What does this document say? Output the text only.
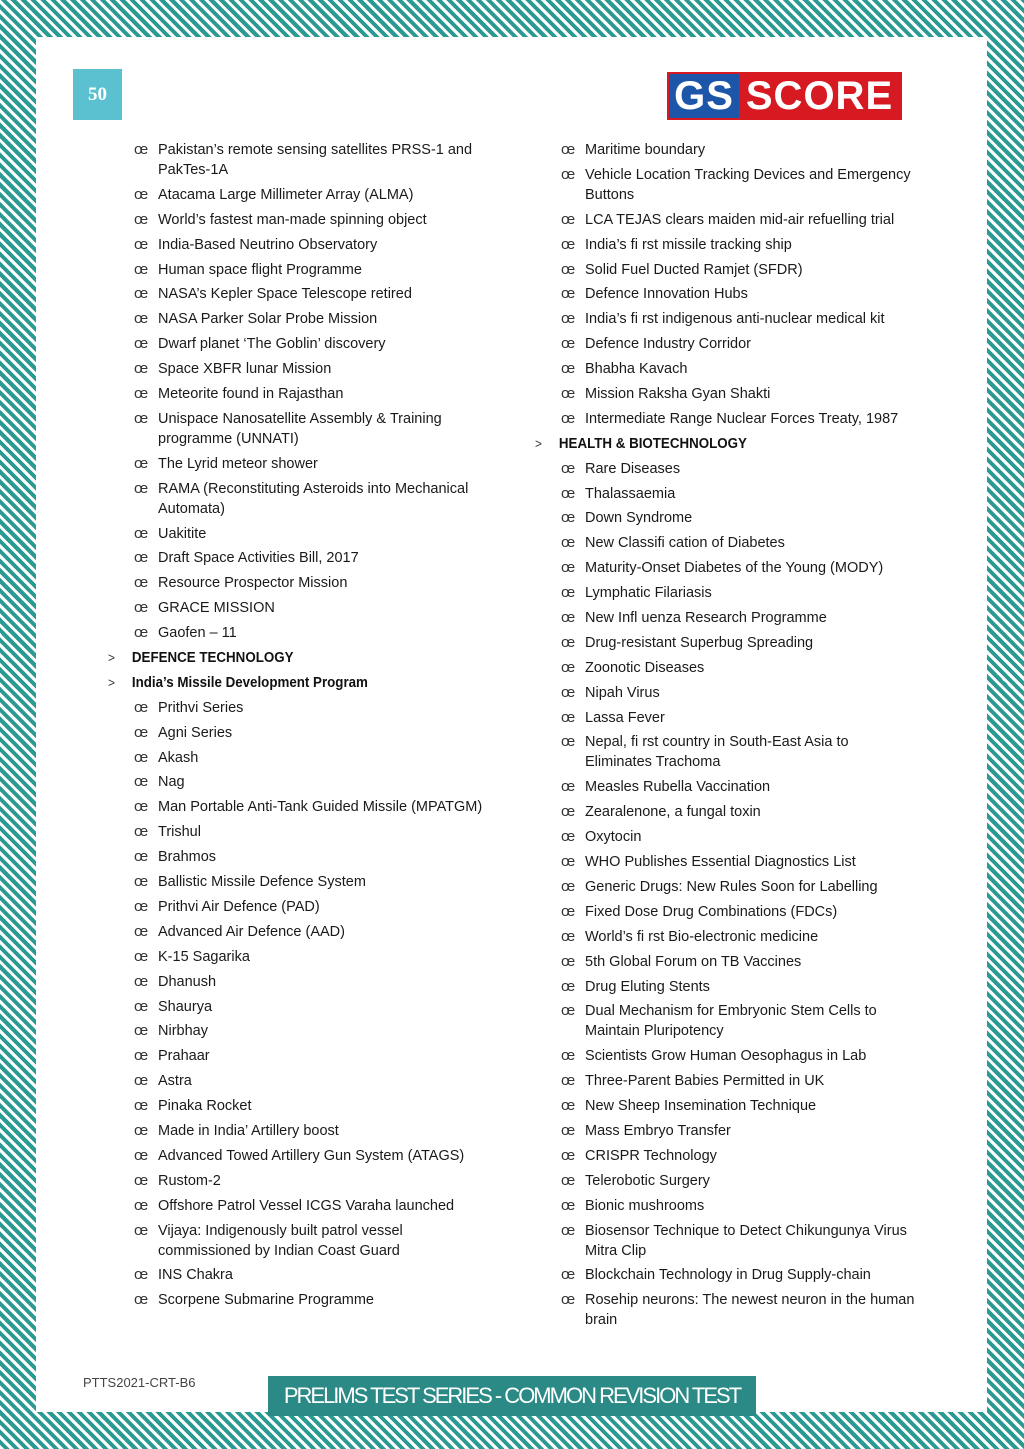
50	GS SCORE
œ Pakistan’s remote sensing satellites PRSS-1 and PakTes-1A
œ Atacama Large Millimeter Array (ALMA)
œ World’s fastest man-made spinning object
œ India-Based Neutrino Observatory
œ Human space flight Programme
œ NASA’s Kepler Space Telescope retired
œ NASA Parker Solar Probe Mission
œ Dwarf planet ‘The Goblin’ discovery
œ Space XBFR lunar Mission
œ Meteorite found in Rajasthan
œ Unispace Nanosatellite Assembly & Training programme (UNNATI)
œ The Lyrid meteor shower
œ RAMA (Reconstituting Asteroids into Mechanical Automata)
œ Uakitite
œ Draft Space Activities Bill, 2017
œ Resource Prospector Mission
œ GRACE MISSION
œ Gaofen – 11
> DEFENCE TECHNOLOGY
> India’s Missile Development Program
œ Prithvi Series
œ Agni Series
œ Akash
œ Nag
œ Man Portable Anti-Tank Guided Missile (MPATGM)
œ Trishul
œ Brahmos
œ Ballistic Missile Defence System
œ Prithvi Air Defence (PAD)
œ Advanced Air Defence (AAD)
œ K-15 Sagarika
œ Dhanush
œ Shaurya
œ Nirbhay
œ Prahaar
œ Astra
œ Pinaka Rocket
œ Made in India’ Artillery boost
œ Advanced Towed Artillery Gun System (ATAGS)
œ Rustom-2
œ Offshore Patrol Vessel ICGS Varaha launched
œ Vijaya: Indigenously built patrol vessel commissioned by Indian Coast Guard
œ INS Chakra
œ Scorpene Submarine Programme
œ Maritime boundary
œ Vehicle Location Tracking Devices and Emergency Buttons
œ LCA TEJAS clears maiden mid-air refuelling trial
œ India’s fi rst missile tracking ship
œ Solid Fuel Ducted Ramjet (SFDR)
œ Defence Innovation Hubs
œ India’s fi rst indigenous anti-nuclear medical kit
œ Defence Industry Corridor
œ Bhabha Kavach
œ Mission Raksha Gyan Shakti
œ Intermediate Range Nuclear Forces Treaty, 1987
> HEALTH & BIOTECHNOLOGY
œ Rare Diseases
œ Thalassaemia
œ Down Syndrome
œ New Classifi cation of Diabetes
œ Maturity-Onset Diabetes of the Young (MODY)
œ Lymphatic Filariasis
œ New Infl uenza Research Programme
œ Drug-resistant Superbug Spreading
œ Zoonotic Diseases
œ Nipah Virus
œ Lassa Fever
œ Nepal, fi rst country in South-East Asia to Eliminates Trachoma
œ Measles Rubella Vaccination
œ Zearalenone, a fungal toxin
œ Oxytocin
œ WHO Publishes Essential Diagnostics List
œ Generic Drugs: New Rules Soon for Labelling
œ Fixed Dose Drug Combinations (FDCs)
œ World’s fi rst Bio-electronic medicine
œ 5th Global Forum on TB Vaccines
œ Drug Eluting Stents
œ Dual Mechanism for Embryonic Stem Cells to Maintain Pluripotency
œ Scientists Grow Human Oesophagus in Lab
œ Three-Parent Babies Permitted in UK
œ New Sheep Insemination Technique
œ Mass Embryo Transfer
œ CRISPR Technology
œ Telerobotic Surgery
œ Bionic mushrooms
œ Biosensor Technique to Detect Chikungunya Virus Mitra Clip
œ Blockchain Technology in Drug Supply-chain
œ Rosehip neurons: The newest neuron in the human brain
PTTS2021-CRT-B6
PRELIMS TEST SERIES - COMMON REVISION TEST
